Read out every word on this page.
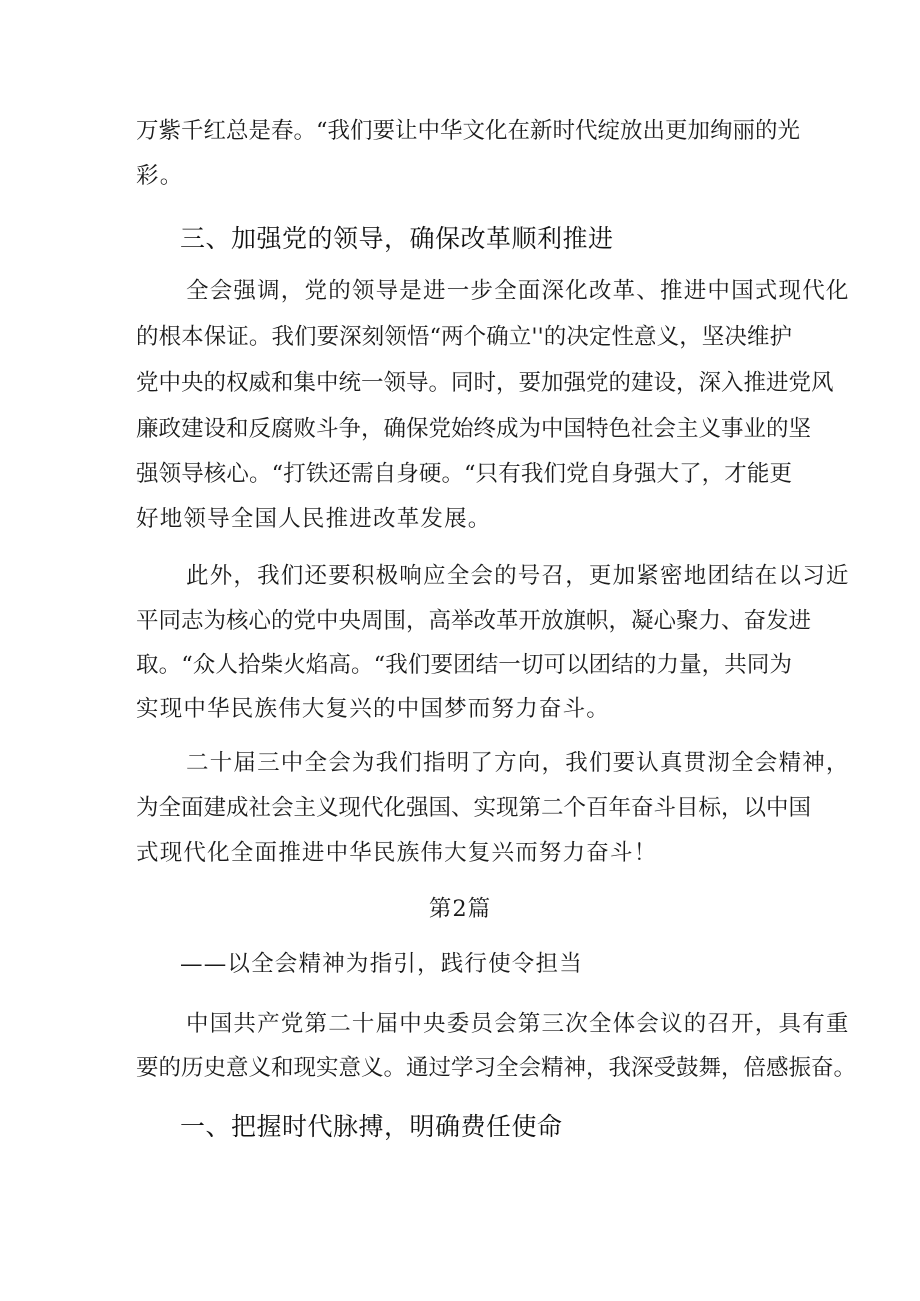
万紫千红总是春。“我们要让中华文化在新时代绽放出更加绚丽的光
彩。
三、加强党的领导，确保改革顺利推进
全会强调，党的领导是进一步全面深化改革、推进中国式现代化
的根本保证。我们要深刻领悟“两个确立''的决定性意义，坚决维护
党中央的权威和集中统一领导。同时，要加强党的建设，深入推进党风
廉政建设和反腐败斗争，确保党始终成为中国特色社会主义事业的坚
强领导核心。“打铁还需自身硬。“只有我们党自身强大了，才能更
好地领导全国人民推进改革发展。
此外，我们还要积极响应全会的号召，更加紧密地团结在以习近
平同志为核心的党中央周围，高举改革开放旗帜，凝心聚力、奋发进
取。“众人拾柴火焰高。“我们要团结一切可以团结的力量，共同为
实现中华民族伟大复兴的中国梦而努力奋斗。
二十届三中全会为我们指明了方向，我们要认真贯沏全会精神，
为全面建成社会主义现代化强国、实现第二个百年奋斗目标，以中国
式现代化全面推进中华民族伟大复兴而努力奋斗！
第2篇
——以全会精神为指引，践行使令担当
中国共产党第二十届中央委员会第三次全体会议的召开，具有重
要的历史意义和现实意义。通过学习全会精神，我深受鼓舞，倍感振奋。
一、把握时代脉搏，明确费任使命
